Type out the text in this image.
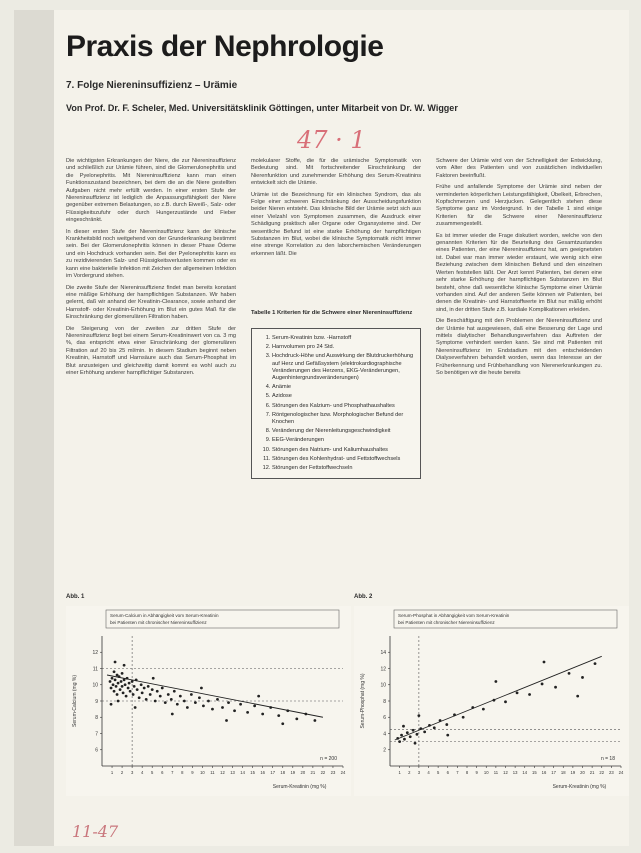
Praxis der Nephrologie
7. Folge Niereninsuffizienz – Urämie
Von Prof. Dr. F. Scheler, Med. Universitätsklinik Göttingen, unter Mitarbeit von Dr. W. Wigger
47 · 1

Die wichtigsten Erkrankungen der Niere, die zur Niereninsuffizienz und schließlich zur Urämie führen, sind die Glomerulonephritis und die Pyelonephritis. Mit Niereninsuffizienz kann man einen Funktionszustand bezeichnen, bei dem die an die Niere gestellten Aufgaben nicht mehr erfüllt werden. In einer ersten Stufe der Niereninsuffizienz ist lediglich die Anpassungsfähigkeit der Niere gegenüber extremen Belastungen, so z.B. durch Eiweiß-, Salz- oder Flüssigkeitszufuhr oder durch Hungerzustände und Fieber eingeschränkt.

In dieser ersten Stufe der Niereninsuffizienz kann der klinische Krankheitsbild noch weitgehend von der Grunderkrankung bestimmt sein. Bei der Glomerulonephritis können in dieser Phase Ödeme und ein Hochdruck vorhanden sein. Bei der Pyelonephritis kann es zu rezidivierenden Salz- und Flüssigkeitsverlusten kommen oder es kann eine bakterielle Infektion mit Zeichen der allgemeinen Infektion im Vordergrund stehen.

Die zweite Stufe der Niereninsuffizienz findet man bereits konstant eine mäßige Erhöhung der harnpflichtigen Substanzen. Wir haben gelernt, daß wir anhand der Kreatinin-Clearance, sowie anhand der Harnstoff- oder Kreatinin-Erhöhung im Blut ein gutes Maß für die Einschränkung der glomerulären Filtration haben.

Die Steigerung von der zweiten zur dritten Stufe der Niereninsuffizienz liegt bei einem Serum-Kreatininwert von ca. 3 mg %, das entspricht etwa einer Einschränkung der glomerulären Filtration auf 20 bis 25 ml/min. In diesem Stadium beginnt neben Kreatinin, Harnstoff und Harnsäure auch das Serum-Phosphat im Blut anzusteigen und gleichzeitig damit kommt es wohl auch zu einer Erhöhung anderer harnpflichtiger Substanzen.

molekularer Stoffe, die für die urämische Symptomatik von Bedeutung sind. Mit fortschreitender Einschränkung der Nierenfunktion und zunehmender Erhöhung des Serum-Kreatinins entwickelt sich die Urämie.

Urämie ist die Bezeichnung für ein klinisches Syndrom, das als Folge einer schweren Einschränkung der Ausscheidungsfunktion beider Nieren entsteht. Das klinische Bild der Urämie setzt sich aus einer Vielzahl von Symptomen zusammen, die Ausdruck einer Schädigung praktisch aller Organe oder Organsysteme sind. Der wesentliche Befund ist eine starke Erhöhung der harnpflichtigen Substanzen im Blut, wobei die klinische Symptomatik nicht immer eine strenge Korrelation zu den laborchemischen Veränderungen erkennen läßt. Die

Tabelle 1 Kriterien für die Schwere einer Niereninsuffizienz
1. Serum-Kreatinin bzw. -Harnstoff
2. Harnvolumen pro 24 Std.
3. Hochdruck-Höhe und Auswirkung der Blutdruckerhöhung auf Herz und Gefäßsystem (elektrokardiographische Veränderungen des Herzens, EKG-Veränderungen, Augenhintergrundsveränderungen)
4. Anämie
5. Azidose
6. Störungen des Kalzium- und Phosphathaushaltes
7. Röntgenologischer bzw. Morphologischer Befund der Knochen
8. Veränderung der Nierenleitungsgeschwindigkeit
9. EEG-Veränderungen
10. Störungen des Natrium- und Kaliumhaushaltes
11. Störungen des Kohlenhydrat- und Fettstoffwechsels
12. Störungen der Fettstoffwechseln

Schwere der Urämie wird von der Schnelligkeit der Entwicklung, vom Alter des Patienten und von zusätzlichen individuellen Faktoren beeinflußt.

Frühe und anfallende Symptome der Urämie sind neben der verminderten körperlichen Leistungsfähigkeit, Übelkeit, Erbrechen, Kopfschmerzen und Herzjucken. Gelegentlich stehen diese Symptome ganz im Vordergrund. In der Tabelle 1 sind einige Kriterien für die Schwere einer Niereninsuffizienz zusammengestellt.

Es ist immer wieder die Frage diskutiert worden, welche von den genannten Kriterien für die Beurteilung des Gesamtzustandes eines Patienten, der eine Niereninsuffizienz hat, am geeignetsten ist. Dabei war man immer wieder erstaunt, wie wenig sich eine Beziehung zwischen dem klinischen Befund und den einzelnen Werten feststellen läßt. Der Arzt kennt Patienten, bei denen eine sehr starke Erhöhung der harnpflichtigen Substanzen im Blut besteht, ohne daß wesentliche klinische Symptome einer Urämie vorhanden sind. Auf der anderen Seite können wir Patienten, bei denen die Kreatinin- und Harnstoffwerte im Blut nur mäßig erhöht sind, in der dritten Stufe z.B. kardiale Komplikationen erleiden.

Die Beschäftigung mit den Problemen der Niereninsuffizienz und der Urämie hat ausgewiesen, daß eine Besserung der Lage und mittels dialytischer Behandlungsverfahren das Auftreten der Symptome verhindert werden kann. Sie sind mit Patienten mit Niereninsuffizienz im Endstadium mit den entscheidenden Dialyseverfahren behandelt worden, wenn das Interesse an der Früherkennung und Frühbehandlung von Nierenerkrankungen zu. So benötigen wir die heute bereits

Abb. 1	Abb. 2
Serum-Calcium in Abhängigkeit vom Serum-Kreatinin
bei Patienten mit chronischer Niereninsuffizienz
6
7
8
9
10
11
12
1 2 3 4 5 6 7 8 9 10 11 12 13 14 15 16 17 18 19 20 21 22 23 24
Serum-Calcium (mg %)
Serum-Kreatinin (mg %)
n = 200
Serum-Phosphat in Abhängigkeit vom Serum-Kreatinin
bei Patienten mit chronischer Niereninsuffizienz
2
4
6
8
10
12
14
1 2 3 4 5 6 7 8 9 10 11 12 13 14 15 16 17 18 19 20 21 22 23 24
Serum-Phosphat (mg %)
Serum-Kreatinin (mg %)
n = 18
11-47
